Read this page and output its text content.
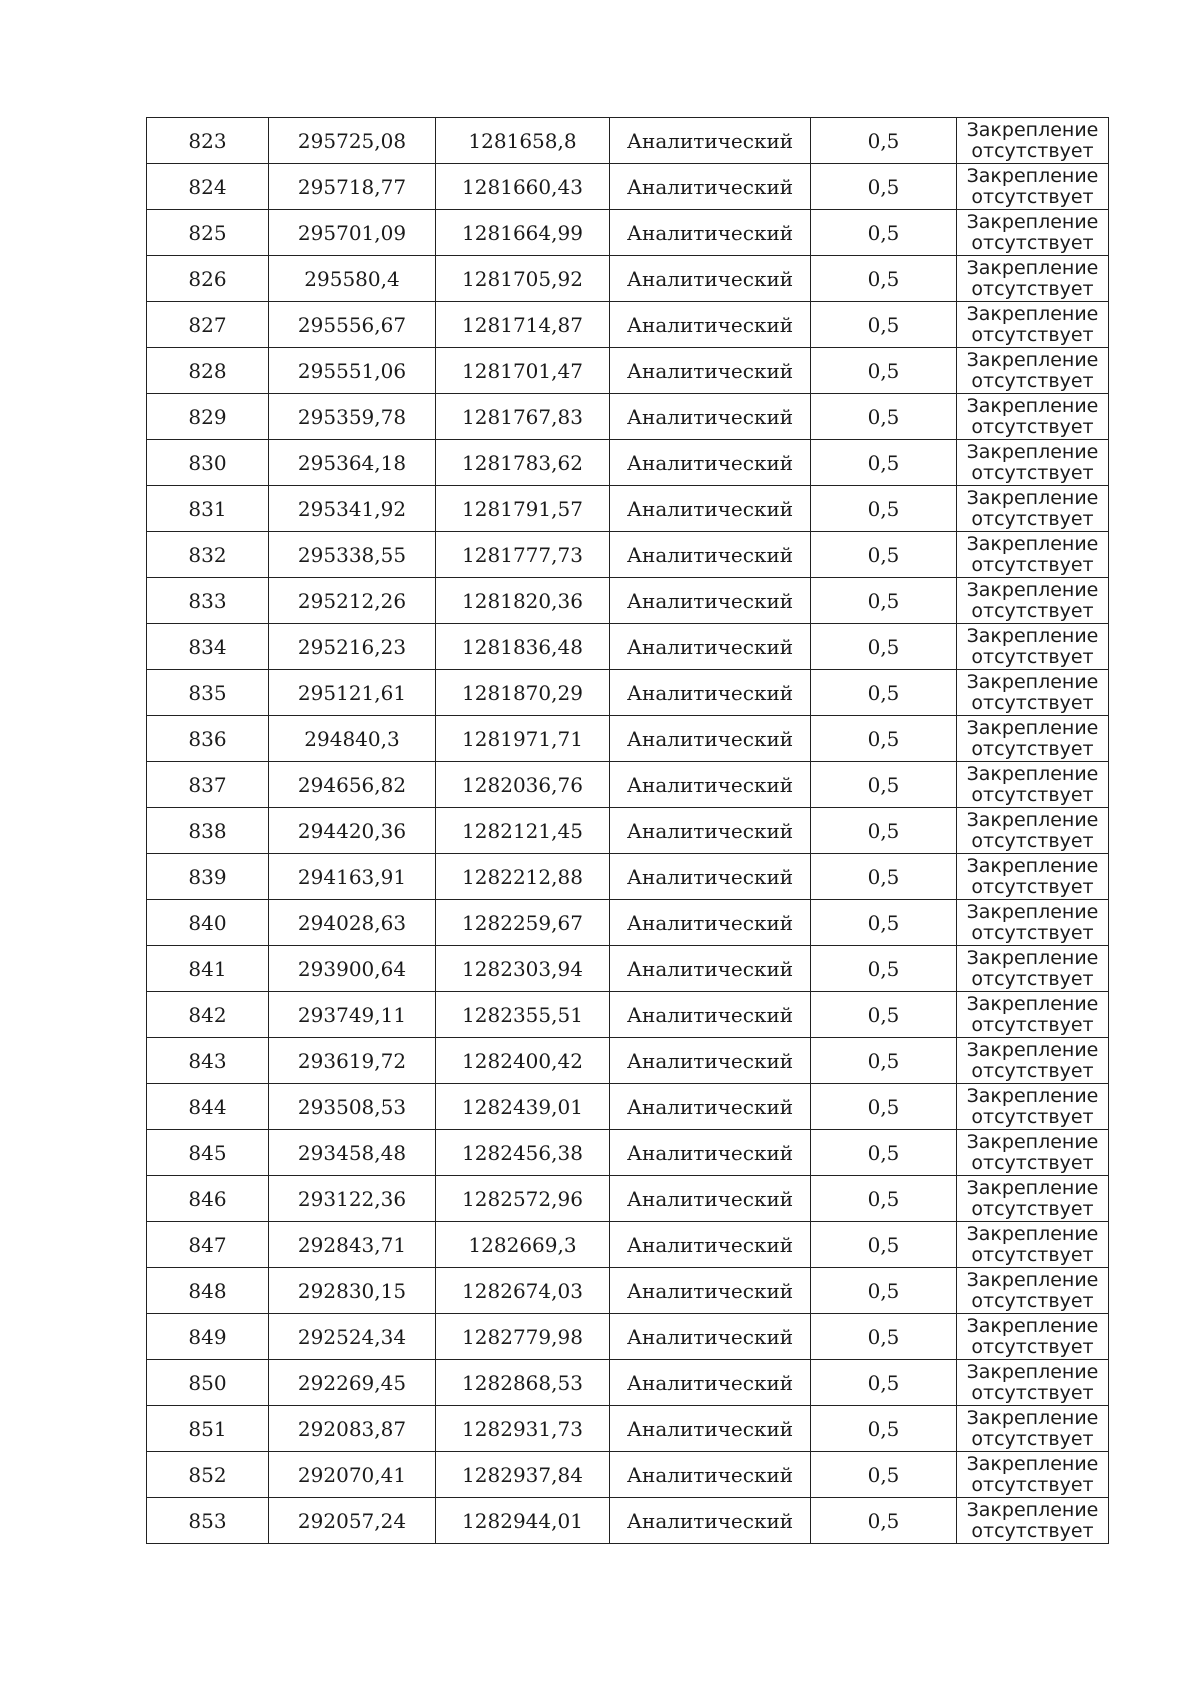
823	295725,08	1281658,8	Аналитический	0,5	Закрепление
отсутствует

824	295718,77	1281660,43	Аналитический	0,5	Закрепление
отсутствует

825	295701,09	1281664,99	Аналитический	0,5	Закрепление
отсутствует

826	295580,4	1281705,92	Аналитический	0,5	Закрепление
отсутствует

827	295556,67	1281714,87	Аналитический	0,5	Закрепление
отсутствует

828	295551,06	1281701,47	Аналитический	0,5	Закрепление
отсутствует

829	295359,78	1281767,83	Аналитический	0,5	Закрепление
отсутствует

830	295364,18	1281783,62	Аналитический	0,5	Закрепление
отсутствует

831	295341,92	1281791,57	Аналитический	0,5	Закрепление
отсутствует

832	295338,55	1281777,73	Аналитический	0,5	Закрепление
отсутствует

833	295212,26	1281820,36	Аналитический	0,5	Закрепление
отсутствует

834	295216,23	1281836,48	Аналитический	0,5	Закрепление
отсутствует

835	295121,61	1281870,29	Аналитический	0,5	Закрепление
отсутствует

836	294840,3	1281971,71	Аналитический	0,5	Закрепление
отсутствует

837	294656,82	1282036,76	Аналитический	0,5	Закрепление
отсутствует

838	294420,36	1282121,45	Аналитический	0,5	Закрепление
отсутствует

839	294163,91	1282212,88	Аналитический	0,5	Закрепление
отсутствует

840	294028,63	1282259,67	Аналитический	0,5	Закрепление
отсутствует

841	293900,64	1282303,94	Аналитический	0,5	Закрепление
отсутствует

842	293749,11	1282355,51	Аналитический	0,5	Закрепление
отсутствует

843	293619,72	1282400,42	Аналитический	0,5	Закрепление
отсутствует

844	293508,53	1282439,01	Аналитический	0,5	Закрепление
отсутствует

845	293458,48	1282456,38	Аналитический	0,5	Закрепление
отсутствует

846	293122,36	1282572,96	Аналитический	0,5	Закрепление
отсутствует

847	292843,71	1282669,3	Аналитический	0,5	Закрепление
отсутствует

848	292830,15	1282674,03	Аналитический	0,5	Закрепление
отсутствует

849	292524,34	1282779,98	Аналитический	0,5	Закрепление
отсутствует

850	292269,45	1282868,53	Аналитический	0,5	Закрепление
отсутствует

851	292083,87	1282931,73	Аналитический	0,5	Закрепление
отсутствует

852	292070,41	1282937,84	Аналитический	0,5	Закрепление
отсутствует

853	292057,24	1282944,01	Аналитический	0,5	Закрепление
отсутствует
